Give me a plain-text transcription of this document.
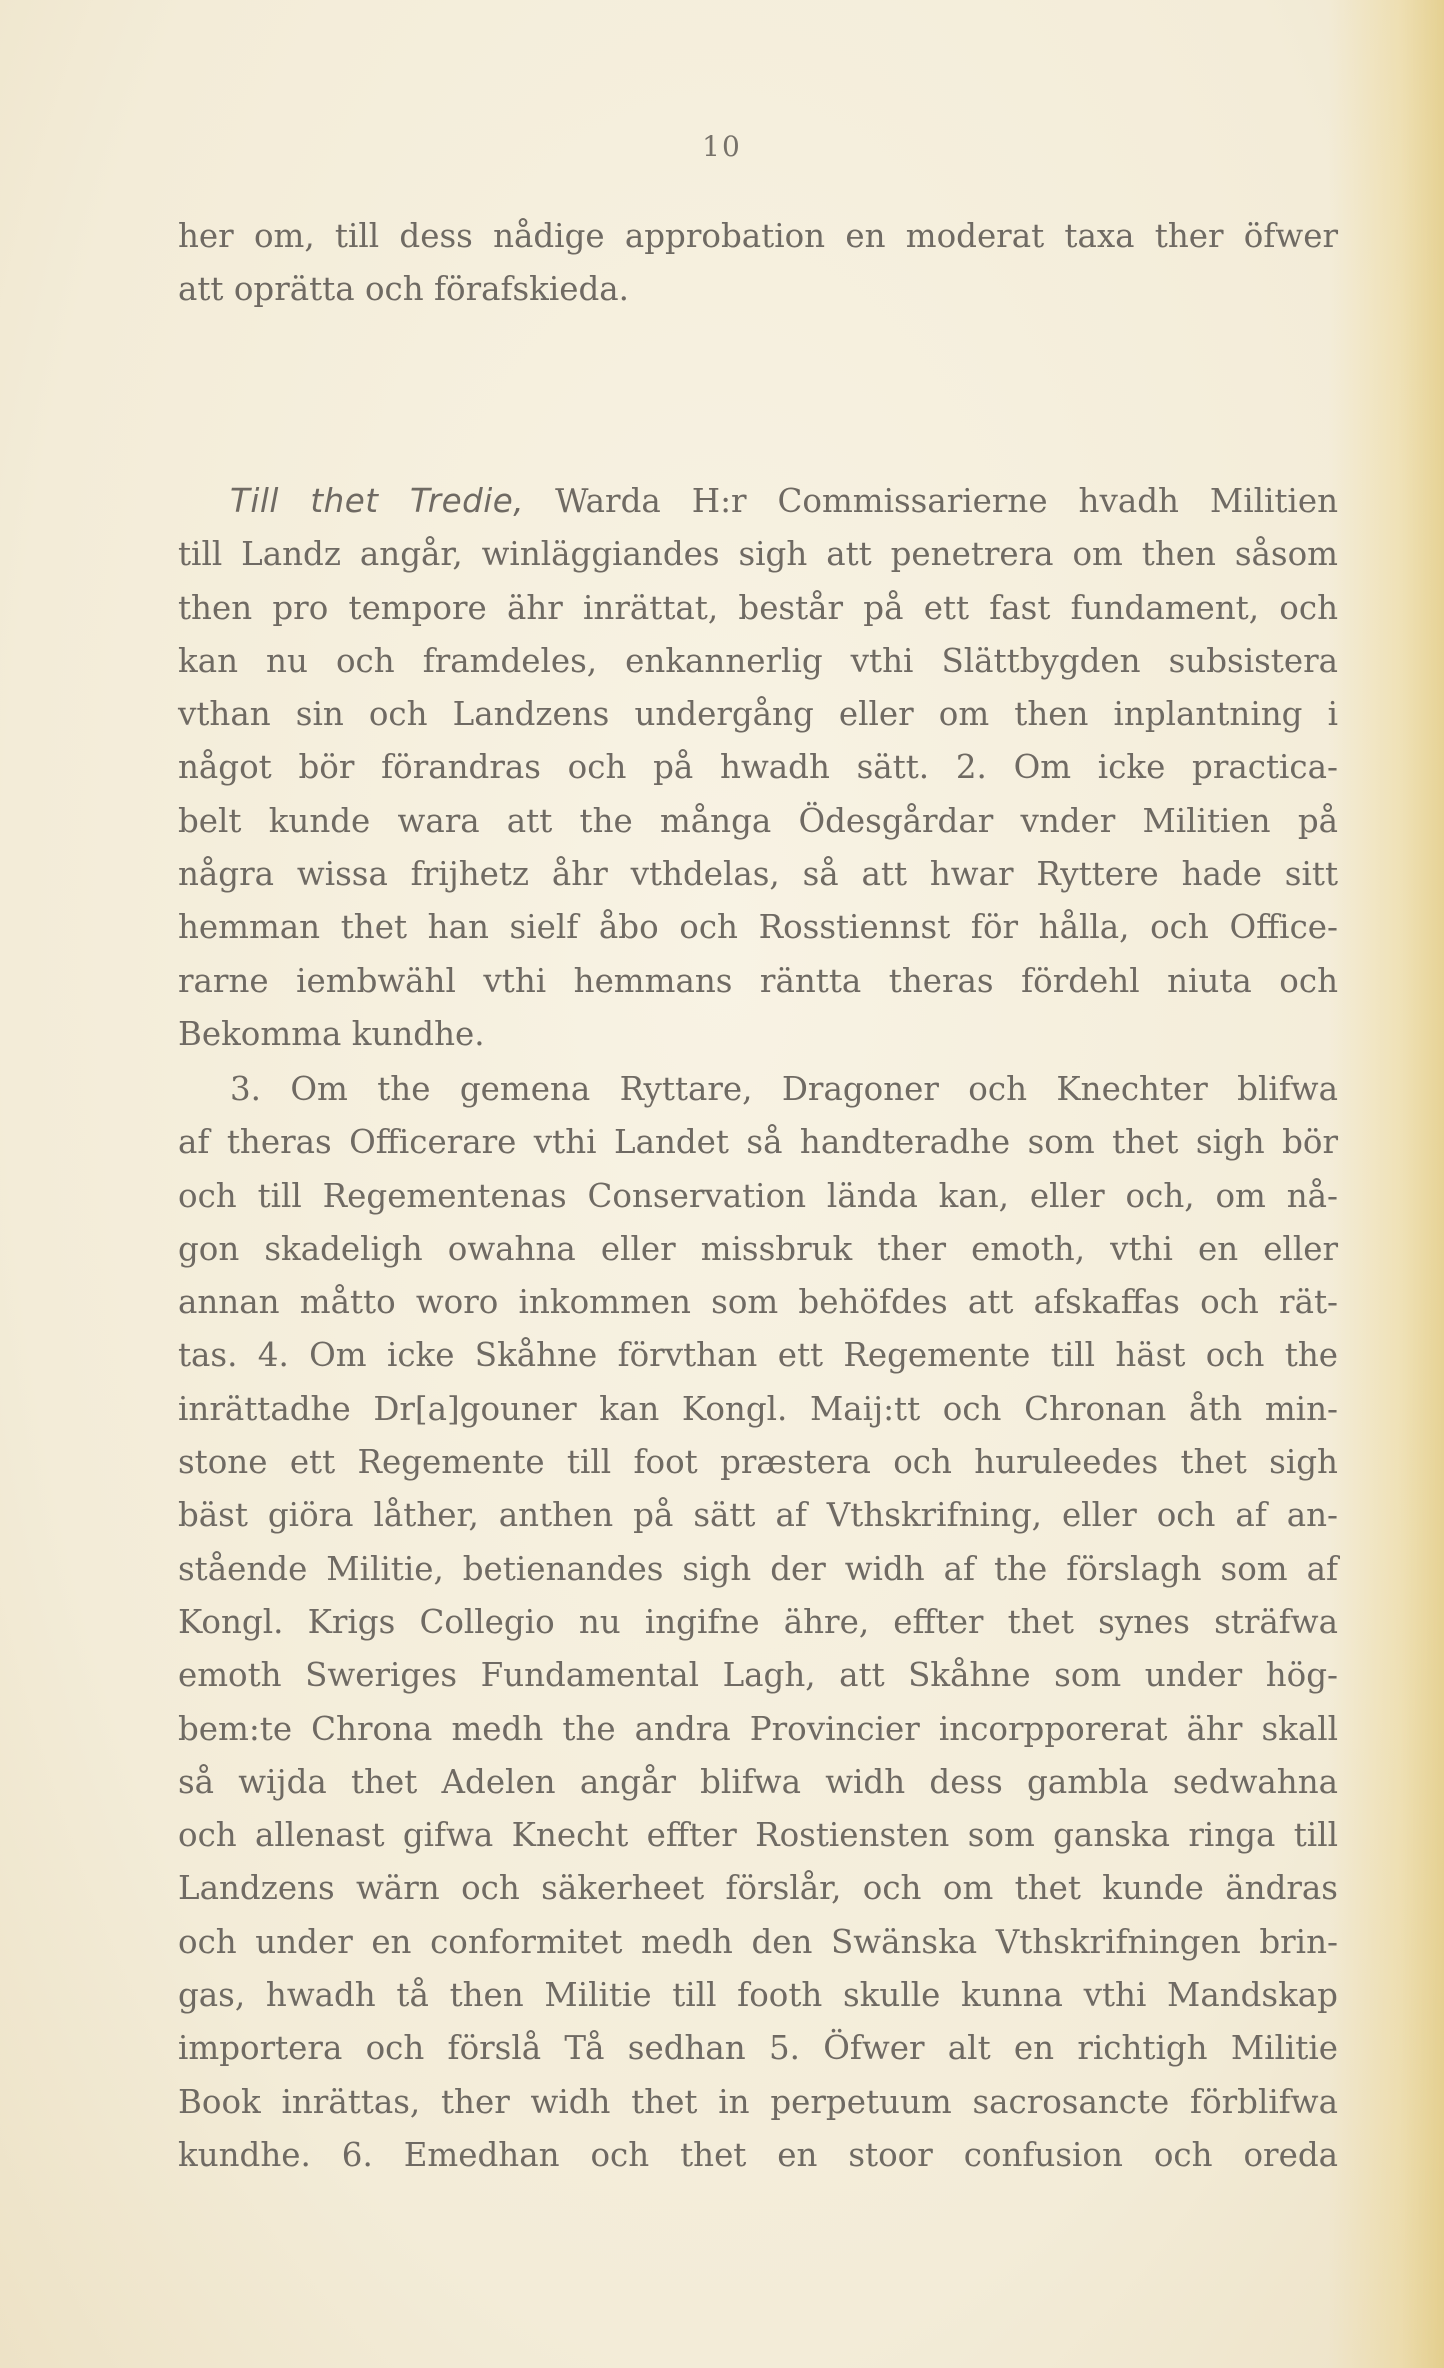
10
her om, till dess nådige approbation en moderat taxa ther öfwer
att oprätta och förafskieda.
Till thet Tredie, Warda H:r Commissarierne hvadh Militien
till Landz angår, winläggiandes sigh att penetrera om then såsom
then pro tempore ähr inrättat, består på ett fast fundament, och
kan nu och framdeles, enkannerlig vthi Slättbygden subsistera
vthan sin och Landzens undergång eller om then inplantning i
något bör förandras och på hwadh sätt. 2. Om icke practica-
belt kunde wara att the många Ödesgårdar vnder Militien på
några wissa frijhetz åhr vthdelas, så att hwar Ryttere hade sitt
hemman thet han sielf åbo och Rosstiennst för hålla, och Office-
rarne iembwähl vthi hemmans räntta theras fördehl niuta och
Bekomma kundhe.
3. Om the gemena Ryttare, Dragoner och Knechter blifwa
af theras Officerare vthi Landet så handteradhe som thet sigh bör
och till Regementenas Conservation lända kan, eller och, om nå-
gon skadeligh owahna eller missbruk ther emoth, vthi en eller
annan måtto woro inkommen som behöfdes att afskaffas och rät-
tas. 4. Om icke Skåhne förvthan ett Regemente till häst och the
inrättadhe Dr[a]gouner kan Kongl. Maij:tt och Chronan åth min-
stone ett Regemente till foot præstera och huruleedes thet sigh
bäst giöra låther, anthen på sätt af Vthskrifning, eller och af an-
stående Militie, betienandes sigh der widh af the förslagh som af
Kongl. Krigs Collegio nu ingifne ähre, effter thet synes sträfwa
emoth Sweriges Fundamental Lagh, att Skåhne som under hög-
bem:te Chrona medh the andra Provincier incorpporerat ähr skall
så wijda thet Adelen angår blifwa widh dess gambla sedwahna
och allenast gifwa Knecht effter Rostiensten som ganska ringa till
Landzens wärn och säkerheet förslår, och om thet kunde ändras
och under en conformitet medh den Swänska Vthskrifningen brin-
gas, hwadh tå then Militie till footh skulle kunna vthi Mandskap
importera och förslå Tå sedhan 5. Öfwer alt en richtigh Militie
Book inrättas, ther widh thet in perpetuum sacrosancte förblifwa
kundhe. 6. Emedhan och thet en stoor confusion och oreda
